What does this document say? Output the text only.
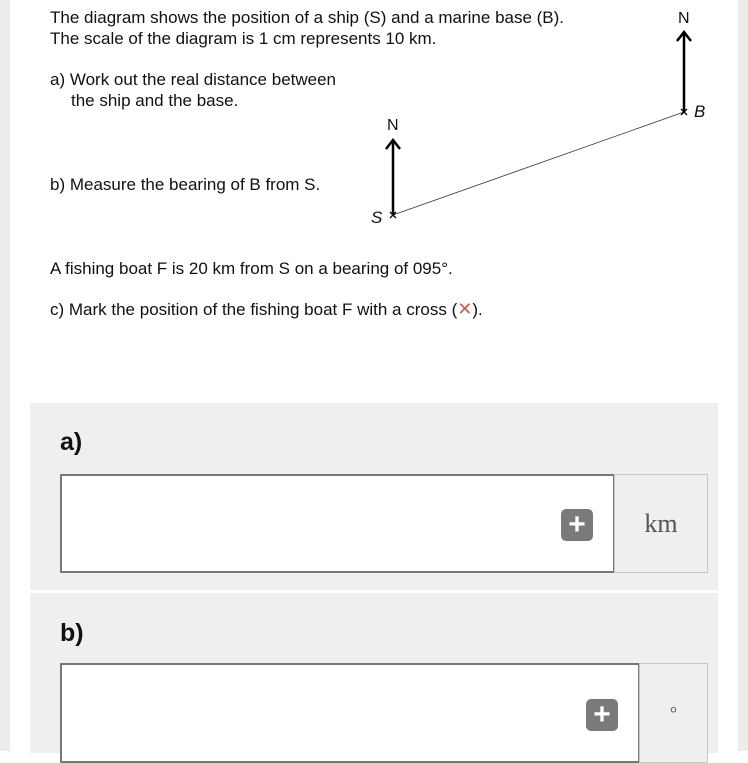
The diagram shows the position of a ship (S) and a marine base (B).
The scale of the diagram is 1 cm represents 10 km.
a) Work out the real distance between
the ship and the base.
b) Measure the bearing of B from S.
N
N
S
B
A fishing boat F is 20 km from S on a bearing of 095°.
c) Mark the position of the fishing boat F with a cross (✕).
a)
+	km
b)
+	°
